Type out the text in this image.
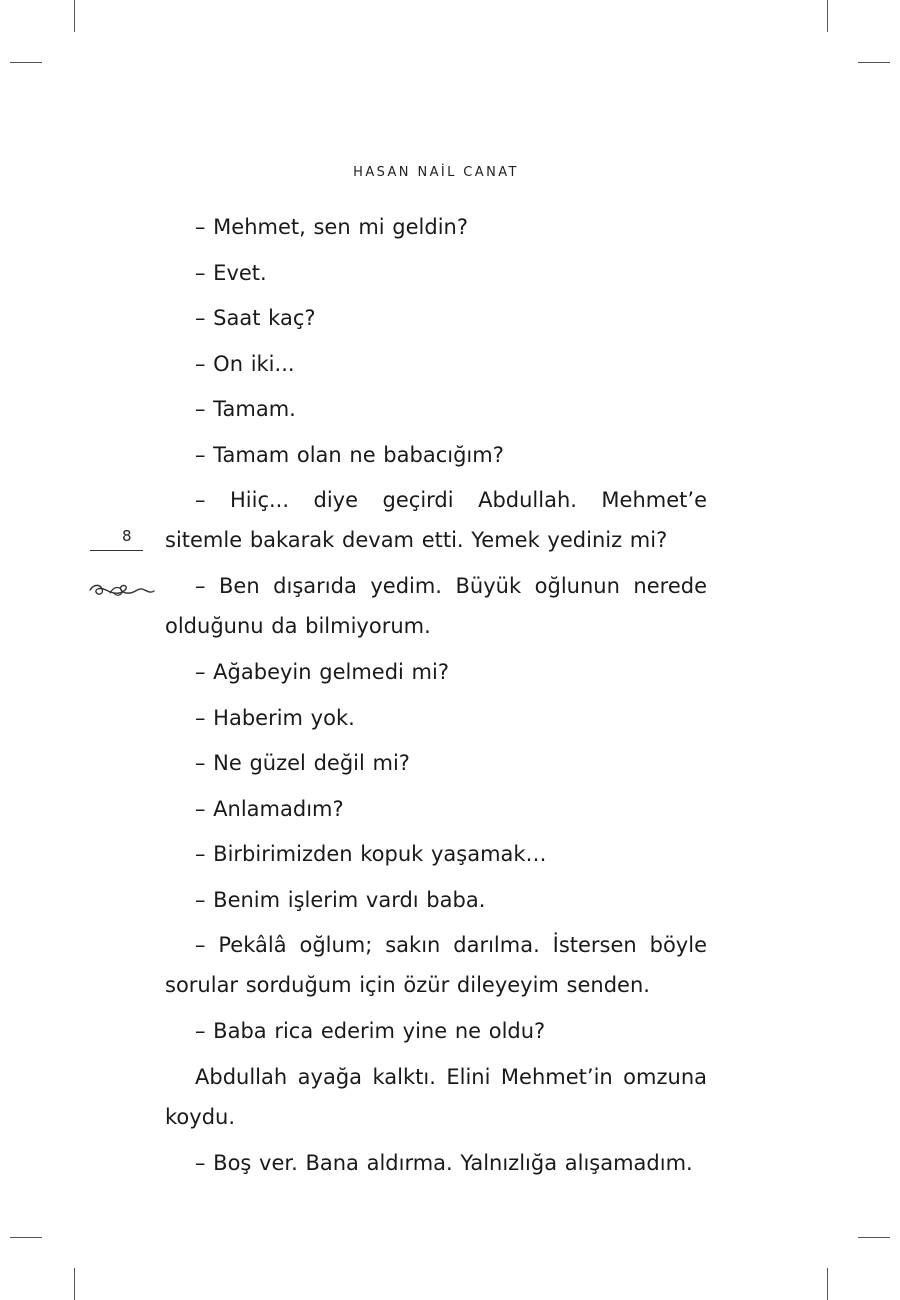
HASAN NAİL CANAT
8

– Mehmet, sen mi geldin?

– Evet.

– Saat kaç?

– On iki...

– Tamam.

– Tamam olan ne babacığım?

– Hiiç... diye geçirdi Abdullah. Mehmet’e sitemle bakarak devam etti. Yemek yediniz mi?

– Ben dışarıda yedim. Büyük oğlunun nerede olduğunu da bilmiyorum.

– Ağabeyin gelmedi mi?

– Haberim yok.

– Ne güzel değil mi?

– Anlamadım?

– Birbirimizden kopuk yaşamak…

– Benim işlerim vardı baba.

– Pekâlâ oğlum; sakın darılma. İstersen böyle sorular sorduğum için özür dileyeyim senden.

– Baba rica ederim yine ne oldu?

Abdullah ayağa kalktı. Elini Mehmet’in omzuna koydu.

– Boş ver. Bana aldırma. Yalnızlığa alışamadım.
